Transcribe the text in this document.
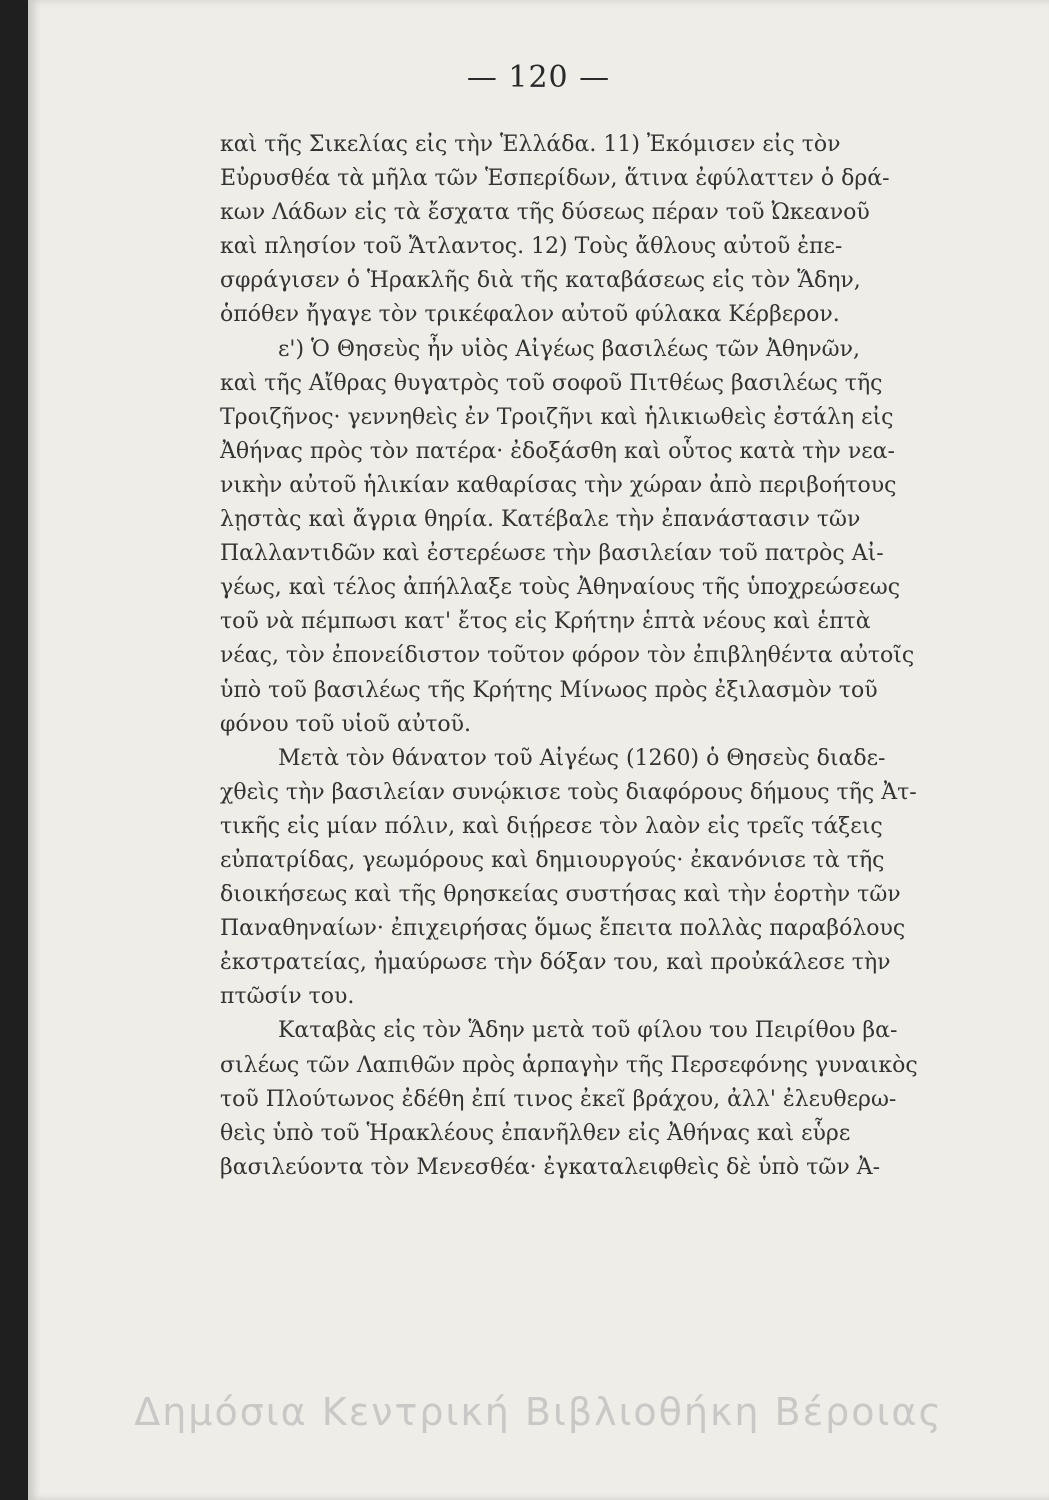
— 120 —
καὶ τῆς Σικελίας εἰς τὴν Ἑλλάδα. 11) Ἐκόμισεν εἰς τὸν
Εὐρυσθέα τὰ μῆλα τῶν Ἑσπερίδων, ἅτινα ἐφύλαττεν ὁ δρά-
κων Λάδων εἰς τὰ ἔσχατα τῆς δύσεως πέραν τοῦ Ὠκεανοῦ
καὶ πλησίον τοῦ Ἄτλαντος. 12) Τοὺς ἄθλους αὐτοῦ ἐπε-
σφράγισεν ὁ Ἡρακλῆς διὰ τῆς καταβάσεως εἰς τὸν Ἅδην,
ὁπόθεν ἤγαγε τὸν τρικέφαλον αὐτοῦ φύλακα Κέρβερον.
ε') Ὁ Θησεὺς ἦν υἱὸς Αἰγέως βασιλέως τῶν Ἀθηνῶν,
καὶ τῆς Αἴθρας θυγατρὸς τοῦ σοφοῦ Πιτθέως βασιλέως τῆς
Τροιζῆνος· γεννηθεὶς ἐν Τροιζῆνι καὶ ἡλικιωθεὶς ἐστάλη εἰς
Ἀθήνας πρὸς τὸν πατέρα· ἐδοξάσθη καὶ οὗτος κατὰ τὴν νεα-
νικὴν αὐτοῦ ἡλικίαν καθαρίσας τὴν χώραν ἀπὸ περιβοήτους
λῃστὰς καὶ ἄγρια θηρία. Κατέβαλε τὴν ἐπανάστασιν τῶν
Παλλαντιδῶν καὶ ἐστερέωσε τὴν βασιλείαν τοῦ πατρὸς Αἰ-
γέως, καὶ τέλος ἀπήλλαξε τοὺς Ἀθηναίους τῆς ὑποχρεώσεως
τοῦ νὰ πέμπωσι κατ' ἔτος εἰς Κρήτην ἑπτὰ νέους καὶ ἑπτὰ
νέας, τὸν ἐπονείδιστον τοῦτον φόρον τὸν ἐπιβληθέντα αὐτοῖς
ὑπὸ τοῦ βασιλέως τῆς Κρήτης Μίνωος πρὸς ἐξιλασμὸν τοῦ
φόνου τοῦ υἱοῦ αὐτοῦ.
Μετὰ τὸν θάνατον τοῦ Αἰγέως (1260) ὁ Θησεὺς διαδε-
χθεὶς τὴν βασιλείαν συνῴκισε τοὺς διαφόρους δήμους τῆς Ἀτ-
τικῆς εἰς μίαν πόλιν, καὶ διῄρεσε τὸν λαὸν εἰς τρεῖς τάξεις
εὐπατρίδας, γεωμόρους καὶ δημιουργούς· ἐκανόνισε τὰ τῆς
διοικήσεως καὶ τῆς θρησκείας συστήσας καὶ τὴν ἑορτὴν τῶν
Παναθηναίων· ἐπιχειρήσας ὅμως ἔπειτα πολλὰς παραβόλους
ἐκστρατείας, ἠμαύρωσε τὴν δόξαν του, καὶ προὐκάλεσε τὴν
πτῶσίν του.
Καταβὰς εἰς τὸν Ἅδην μετὰ τοῦ φίλου του Πειρίθου βα-
σιλέως τῶν Λαπιθῶν πρὸς ἁρπαγὴν τῆς Περσεφόνης γυναικὸς
τοῦ Πλούτωνος ἐδέθη ἐπί τινος ἐκεῖ βράχου, ἀλλ' ἐλευθερω-
θεὶς ὑπὸ τοῦ Ἡρακλέους ἐπανῆλθεν εἰς Ἀθήνας καὶ εὗρε
βασιλεύοντα τὸν Μενεσθέα· ἐγκαταλειφθεὶς δὲ ὑπὸ τῶν Ἀ-
Δημόσια Κεντρική Βιβλιοθήκη Βέροιας
